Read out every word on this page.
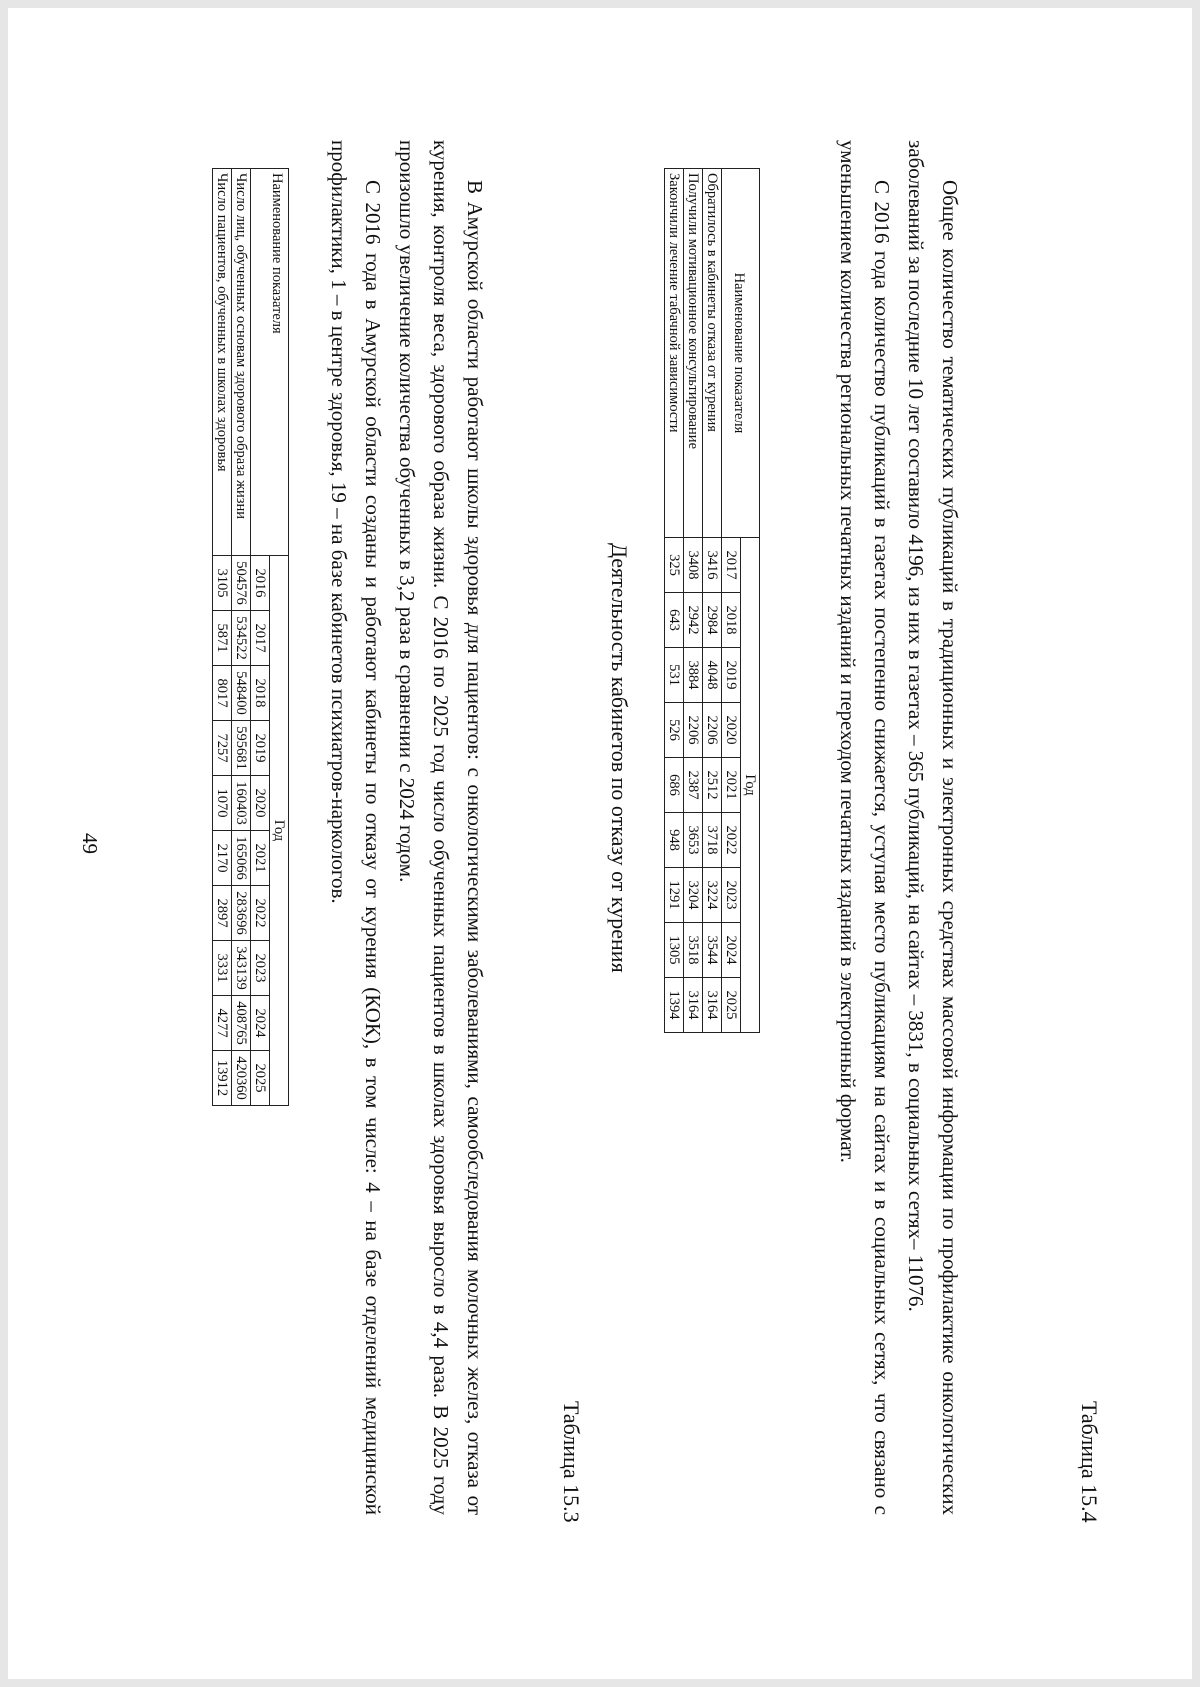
49
Наименование показателя	Год									
	2016	2017	2018	2019	2020	2021	2022	2023	2024	2025
Число лиц, обученных основам здорового образа жизни	504576	534522	548400	595681	160403	165066	283696	343139	408765	420360
Число пациентов, обученных в школах здоровья	3105	5871	8017	7257	1070	2170	2897	3331	4277	13912	В Амурской области работают школы здоровья для пациентов: с онкологическими заболеваниями, самообследования молочных желез, отказа от курения, контроля веса, здорового образа жизни. С 2016 по 2025 год число обученных пациентов в школах здоровья выросло в 4,4 раза. В 2025 году произошло увеличение количества обученных в 3,2 раза в сравнении с 2024 годом.

С 2016 года в Амурской области созданы и работают кабинеты по отказу от курения (КОК), в том числе: 4 – на базе отделений медицинской профилактики, 1 – в центре здоровья, 19 – на базе кабинетов психиатров-наркологов.

Таблица 15.3
Деятельность кабинетов по отказу от курения
Наименование показателя	Год								
	2017	2018	2019	2020	2021	2022	2023	2024	2025
Обратилось в кабинеты отказа от курения	3416	2984	4048	2206	2512	3718	3224	3544	3164
Получили мотивационное консультирование	3408	2942	3884	2206	2387	3653	3204	3518	3164
Закончили лечение табачной зависимости	325	643	531	526	686	948	1291	1305	1394	Общее количество тематических публикаций в традиционных и электронных средствах массовой информации по профилактике онкологических заболеваний за последние 10 лет составило 4196, из них в газетах – 365 публикаций, на сайтах – 3831, в социальных сетях– 11076.

С 2016 года количество публикаций в газетах постепенно снижается, уступая место публикациям на сайтах и в социальных сетях, что связано с уменьшением количества региональных печатных изданий и переходом печатных изданий в электронный формат.

Таблица 15.4
